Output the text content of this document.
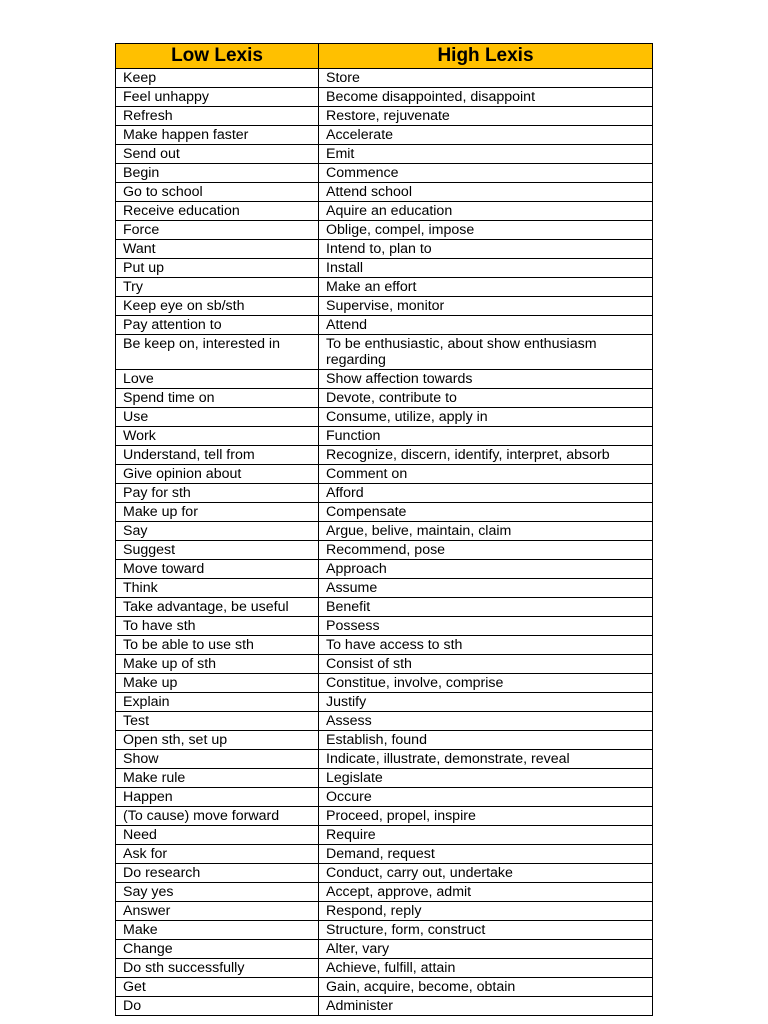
Low Lexis	High Lexis
Keep	Store
Feel unhappy	Become disappointed, disappoint
Refresh	Restore, rejuvenate
Make happen faster	Accelerate
Send out	Emit
Begin	Commence
Go to school	Attend school
Receive education	Aquire an education
Force	Oblige, compel, impose
Want	Intend to, plan to
Put up	Install
Try	Make an effort
Keep eye on sb/sth	Supervise, monitor
Pay attention to	Attend
Be keep on, interested in	To be enthusiastic, about show enthusiasm regarding
Love	Show affection towards
Spend time on	Devote, contribute to
Use	Consume, utilize, apply in
Work	Function
Understand, tell from	Recognize, discern, identify, interpret, absorb
Give opinion about	Comment on
Pay for sth	Afford
Make up for	Compensate
Say	Argue, belive, maintain, claim
Suggest	Recommend, pose
Move toward	Approach
Think	Assume
Take advantage, be useful	Benefit
To have sth	Possess
To be able to use sth	To have access to sth
Make up of sth	Consist of sth
Make up	Constitue, involve, comprise
Explain	Justify
Test	Assess
Open sth, set up	Establish, found
Show	Indicate, illustrate, demonstrate, reveal
Make rule	Legislate
Happen	Occure
(To cause) move forward	Proceed, propel, inspire
Need	Require
Ask for	Demand, request
Do research	Conduct, carry out, undertake
Say yes	Accept, approve, admit
Answer	Respond, reply
Make	Structure, form, construct
Change	Alter, vary
Do sth successfully	Achieve, fulfill, attain
Get	Gain, acquire, become, obtain
Do	Administer
